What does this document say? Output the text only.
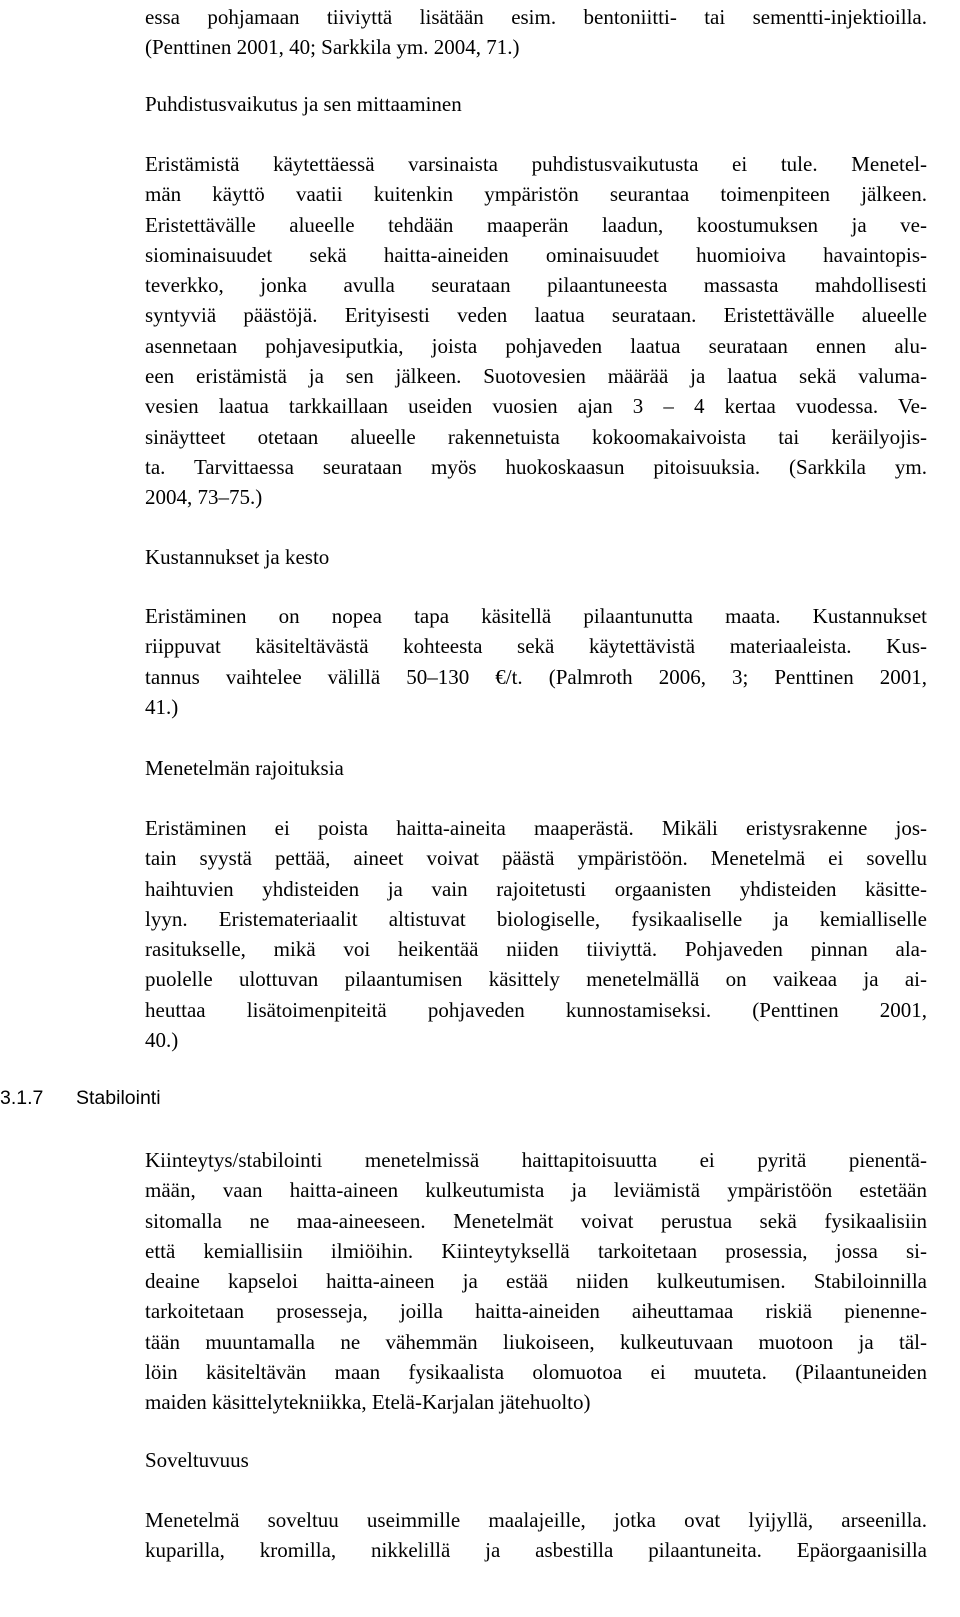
essa pohjamaan tiiviyttä lisätään esim. bentoniitti- tai sementti-injektioilla.
(Penttinen 2001, 40; Sarkkila ym. 2004, 71.)

Puhdistusvaikutus ja sen mittaaminen

Eristämistä käytettäessä varsinaista puhdistusvaikutusta ei tule. Menetel-
män käyttö vaatii kuitenkin ympäristön seurantaa toimenpiteen jälkeen.
Eristettävälle alueelle tehdään maaperän laadun, koostumuksen ja ve-
siominaisuudet sekä haitta-aineiden ominaisuudet huomioiva havaintopis-
teverkko, jonka avulla seurataan pilaantuneesta massasta mahdollisesti
syntyviä päästöjä. Erityisesti veden laatua seurataan. Eristettävälle alueelle
asennetaan pohjavesiputkia, joista pohjaveden laatua seurataan ennen alu-
een eristämistä ja sen jälkeen. Suotovesien määrää ja laatua sekä valuma-
vesien laatua tarkkaillaan useiden vuosien ajan 3 – 4 kertaa vuodessa. Ve-
sinäytteet otetaan alueelle rakennetuista kokoomakaivoista tai keräilyojis-
ta. Tarvittaessa seurataan myös huokoskaasun pitoisuuksia. (Sarkkila ym.
2004, 73–75.)

Kustannukset ja kesto

Eristäminen on nopea tapa käsitellä pilaantunutta maata. Kustannukset
riippuvat käsiteltävästä kohteesta sekä käytettävistä materiaaleista. Kus-
tannus vaihtelee välillä 50–130 €/t. (Palmroth 2006, 3; Penttinen 2001,
41.)

Menetelmän rajoituksia

Eristäminen ei poista haitta-aineita maaperästä. Mikäli eristysrakenne jos-
tain syystä pettää, aineet voivat päästä ympäristöön. Menetelmä ei sovellu
haihtuvien yhdisteiden ja vain rajoitetusti orgaanisten yhdisteiden käsitte-
lyyn. Eristemateriaalit altistuvat biologiselle, fysikaaliselle ja kemialliselle
rasitukselle, mikä voi heikentää niiden tiiviyttä. Pohjaveden pinnan ala-
puolelle ulottuvan pilaantumisen käsittely menetelmällä on vaikeaa ja ai-
heuttaa lisätoimenpiteitä pohjaveden kunnostamiseksi. (Penttinen 2001,
40.)

3.1.7 Stabilointi

Kiinteytys/stabilointi menetelmissä haittapitoisuutta ei pyritä pienentä-
mään, vaan haitta-aineen kulkeutumista ja leviämistä ympäristöön estetään
sitomalla ne maa-aineeseen. Menetelmät voivat perustua sekä fysikaalisiin
että kemiallisiin ilmiöihin. Kiinteytyksellä tarkoitetaan prosessia, jossa si-
deaine kapseloi haitta-aineen ja estää niiden kulkeutumisen. Stabiloinnilla
tarkoitetaan prosesseja, joilla haitta-aineiden aiheuttamaa riskiä pienenne-
tään muuntamalla ne vähemmän liukoiseen, kulkeutuvaan muotoon ja täl-
löin käsiteltävän maan fysikaalista olomuotoa ei muuteta. (Pilaantuneiden
maiden käsittelytekniikka, Etelä-Karjalan jätehuolto)

Soveltuvuus

Menetelmä soveltuu useimmille maalajeille, jotka ovat lyijyllä, arseenilla.
kuparilla, kromilla, nikkelillä ja asbestilla pilaantuneita. Epäorgaanisilla
